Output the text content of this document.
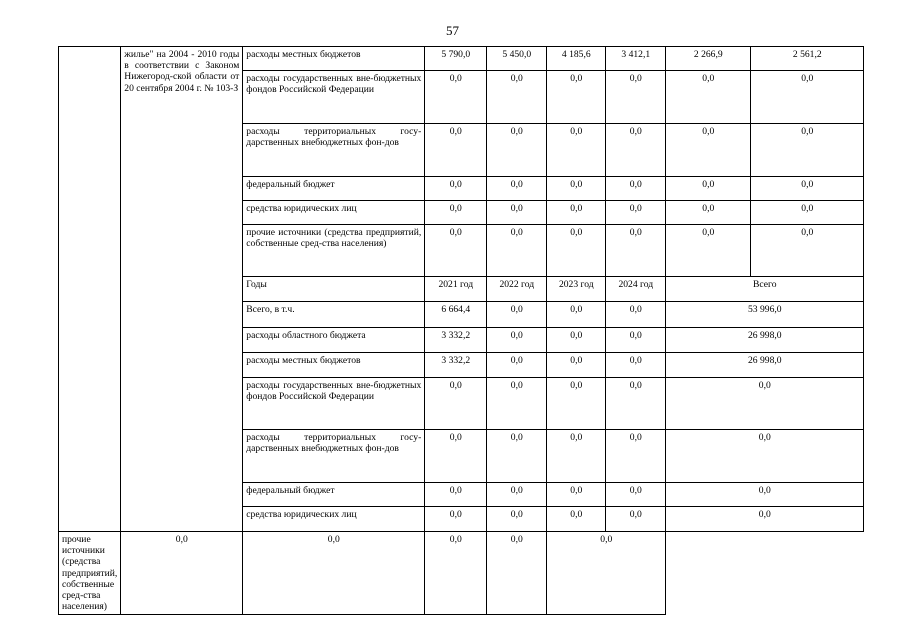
57
	жилье" на 2004 - 2010 годы в соответствии с Законом Нижегород-ской области от 20 сентября 2004 г. № 103-З	расходы местных бюджетов	5 790,0	5 450,0	4 185,6	3 412,1	2 266,9	2 561,2
		расходы государственных вне-бюджетных фондов Российской Федерации	0,0	0,0	0,0	0,0	0,0	0,0
		расходы территориальных госу-дарственных внебюджетных фон-дов	0,0	0,0	0,0	0,0	0,0	0,0
		федеральный бюджет	0,0	0,0	0,0	0,0	0,0	0,0
		средства юридических лиц	0,0	0,0	0,0	0,0	0,0	0,0
		прочие источники (средства предприятий, собственные сред-ства населения)	0,0	0,0	0,0	0,0	0,0	0,0
		Годы	2021 год	2022 год	2023 год	2024 год	Всего	
		Всего, в т.ч.	6 664,4	0,0	0,0	0,0	53 996,0	
		расходы областного бюджета	3 332,2	0,0	0,0	0,0	26 998,0	
		расходы местных бюджетов	3 332,2	0,0	0,0	0,0	26 998,0	
		расходы государственных вне-бюджетных фондов Российской Федерации	0,0	0,0	0,0	0,0	0,0	
		расходы территориальных госу-дарственных внебюджетных фон-дов	0,0	0,0	0,0	0,0	0,0	
		федеральный бюджет	0,0	0,0	0,0	0,0	0,0	
		средства юридических лиц	0,0	0,0	0,0	0,0	0,0	
прочие источники (средства предприятий, собственные сред-ства населения)	0,0	0,0	0,0	0,0	0,0			
